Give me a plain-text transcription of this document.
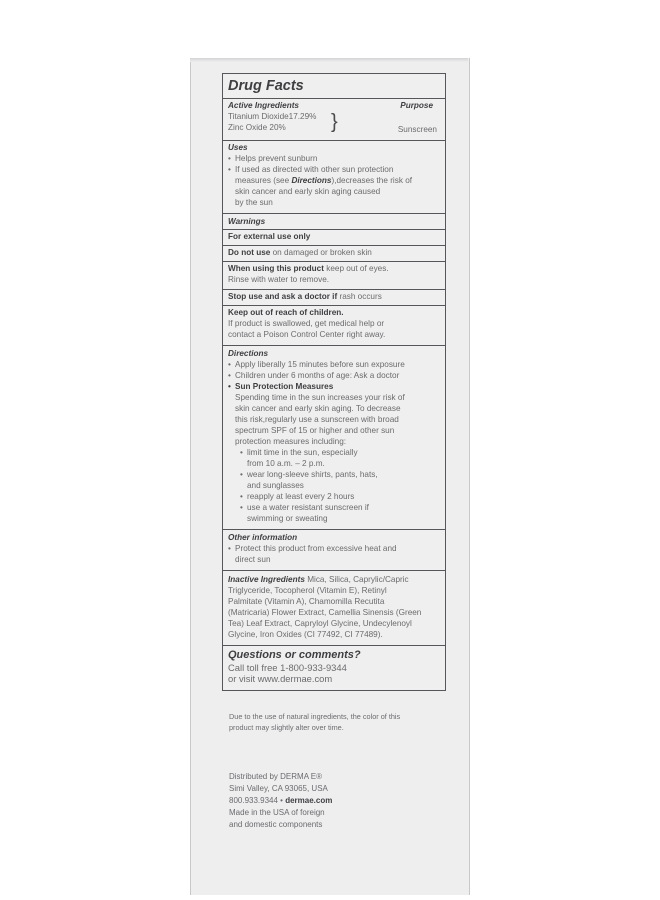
Drug Facts
Active Ingredients	Purpose
Titanium Dioxide17.29%
Zinc Oxide 20% }	Sunscreen
Uses
• Helps prevent sunburn
• If used as directed with other sun protection
measures (see Directions),decreases the risk of
skin cancer and early skin aging caused
by the sun
Warnings
For external use only
Do not use on damaged or broken skin
When using this product keep out of eyes.
Rinse with water to remove.
Stop use and ask a doctor if rash occurs
Keep out of reach of children.
If product is swallowed, get medical help or
contact a Poison Control Center right away.
Directions
• Apply liberally 15 minutes before sun exposure
• Children under 6 months of age: Ask a doctor
• Sun Protection Measures
Spending time in the sun increases your risk of
skin cancer and early skin aging. To decrease
this risk,regularly use a sunscreen with broad
spectrum SPF of 15 or higher and other sun
protection measures including:
• limit time in the sun, especially
from 10 a.m. – 2 p.m.
• wear long-sleeve shirts, pants, hats,
and sunglasses
• reapply at least every 2 hours
• use a water resistant sunscreen if
swimming or sweating
Other information
• Protect this product from excessive heat and
direct sun
Inactive Ingredients Mica, Silica, Caprylic/Capric
Triglyceride, Tocopherol (Vitamin E), Retinyl
Palmitate (Vitamin A), Chamomilla Recutita
(Matricaria) Flower Extract, Camellia Sinensis (Green
Tea) Leaf Extract, Capryloyl Glycine, Undecylenoyl
Glycine, Iron Oxides (CI 77492, CI 77489).
Questions or comments?
Call toll free 1-800-933-9344
or visit www.dermae.com
Due to the use of natural ingredients, the color of this
product may slightly alter over time.
Distributed by DERMA E®
Simi Valley, CA 93065, USA
800.933.9344 • dermae.com
Made in the USA of foreign
and domestic components
